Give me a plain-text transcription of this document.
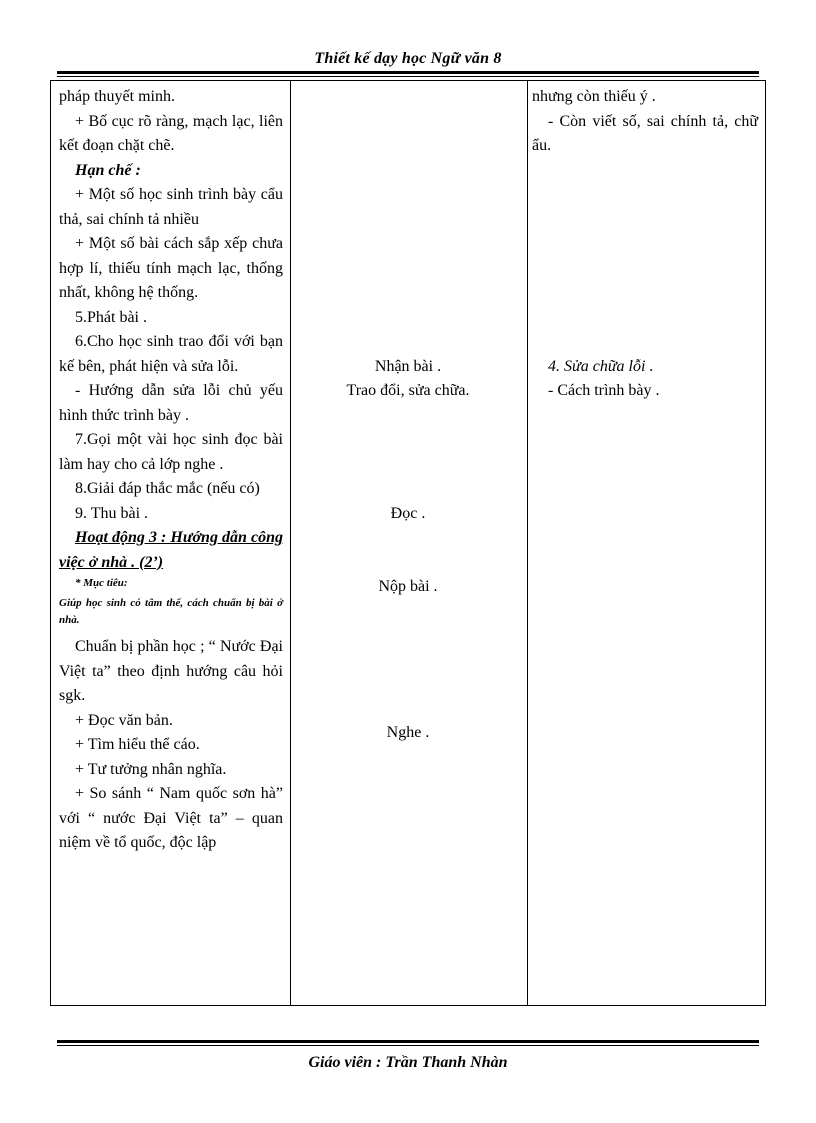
Thiết kế dạy học Ngữ văn 8
pháp thuyết minh.
+ Bố cục rõ ràng, mạch lạc, liên kết đoạn chặt chẽ.
Hạn chế :
+ Một số học sinh trình bày cẩu thả, sai chính tả nhiều
+ Một số bài cách sắp xếp chưa hợp lí, thiếu tính mạch lạc, thống nhất, không hệ thống.
5.Phát bài .
6.Cho học sinh trao đổi với bạn kế bên, phát hiện và sửa lỗi.
- Hướng dẫn sửa lỗi chủ yếu hình thức trình bày .
7.Gọi một vài học sinh đọc bài làm hay cho cả lớp nghe .
8.Giải đáp thắc mắc (nếu có)
9. Thu bài .
Hoạt động 3 : Hướng dẫn công việc ở nhà . (2’)
* Mục tiêu:
Giúp học sinh có tâm thế, cách chuẩn bị bài ở nhà.
Chuẩn bị phần học ; “ Nước Đại Việt ta” theo định hướng câu hỏi sgk.
+ Đọc văn bản.
+ Tìm hiểu thể cáo.
+ Tư tưởng nhân nghĩa.
+ So sánh “ Nam quốc sơn hà” với “ nước Đại Việt ta” – quan niệm về tổ quốc, độc lập
Nhận bài .
Trao đổi, sửa chữa.
Đọc .
Nộp bài .
Nghe .
nhưng còn thiếu ý .
- Còn viết số, sai chính tả, chữ ẩu.
4. Sửa chữa lỗi .
- Cách trình bày .
Giáo viên : Trần Thanh Nhàn
